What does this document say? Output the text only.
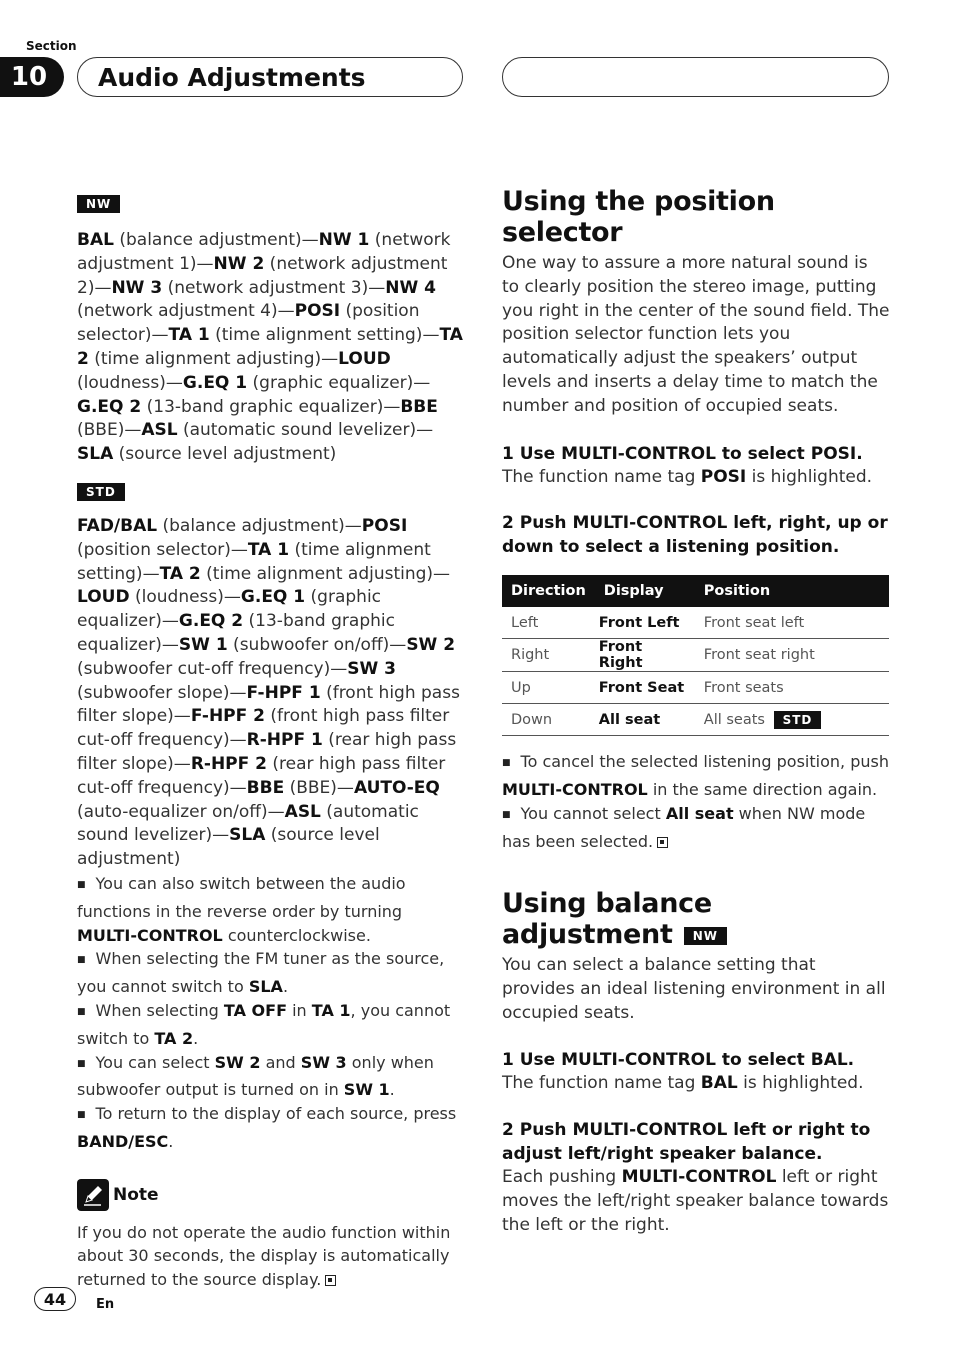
Section
10	Audio Adjustments
NW
BAL (balance adjustment)—NW 1 (network adjustment 1)—NW 2 (network adjustment 2)—NW 3 (network adjustment 3)—NW 4 (network adjustment 4)—POSI (position selector)—TA 1 (time alignment setting)—TA 2 (time alignment adjusting)—LOUD (loudness)—G.EQ 1 (graphic equalizer)—G.EQ 2 (13-band graphic equalizer)—BBE (BBE)—ASL (automatic sound levelizer)—SLA (source level adjustment)
STD
FAD/BAL (balance adjustment)—POSI (position selector)—TA 1 (time alignment setting)—TA 2 (time alignment adjusting)—LOUD (loudness)—G.EQ 1 (graphic equalizer)—G.EQ 2 (13-band graphic equalizer)—SW 1 (subwoofer on/off)—SW 2 (subwoofer cut-off frequency)—SW 3 (subwoofer slope)—F-HPF 1 (front high pass filter slope)—F-HPF 2 (front high pass filter cut-off frequency)—R-HPF 1 (rear high pass filter slope)—R-HPF 2 (rear high pass filter cut-off frequency)—BBE (BBE)—AUTO-EQ (auto-equalizer on/off)—ASL (automatic sound levelizer)—SLA (source level adjustment)
■ You can also switch between the audio functions in the reverse order by turning MULTI-CONTROL counterclockwise.
■ When selecting the FM tuner as the source, you cannot switch to SLA.
■ When selecting TA OFF in TA 1, you cannot switch to TA 2.
■ You can select SW 2 and SW 3 only when subwoofer output is turned on in SW 1.
■ To return to the display of each source, press BAND/ESC.
Note
If you do not operate the audio function within about 30 seconds, the display is automatically returned to the source display.
Using the position selector
One way to assure a more natural sound is to clearly position the stereo image, putting you right in the center of the sound field. The position selector function lets you automatically adjust the speakers’ output levels and inserts a delay time to match the number and position of occupied seats.
1 Use MULTI-CONTROL to select POSI.
The function name tag POSI is highlighted.
2 Push MULTI-CONTROL left, right, up or down to select a listening position.
Direction	Display	Position
Left	Front Left	Front seat left
Right	Front Right	Front seat right
Up	Front Seat	Front seats
Down	All seat	All seats STD
■ To cancel the selected listening position, push MULTI-CONTROL in the same direction again.
■ You cannot select All seat when NW mode has been selected.
Using balance adjustment NW
You can select a balance setting that provides an ideal listening environment in all occupied seats.
1 Use MULTI-CONTROL to select BAL.
The function name tag BAL is highlighted.
2 Push MULTI-CONTROL left or right to adjust left/right speaker balance.
Each pushing MULTI-CONTROL left or right moves the left/right speaker balance towards the left or the right.
44	En
